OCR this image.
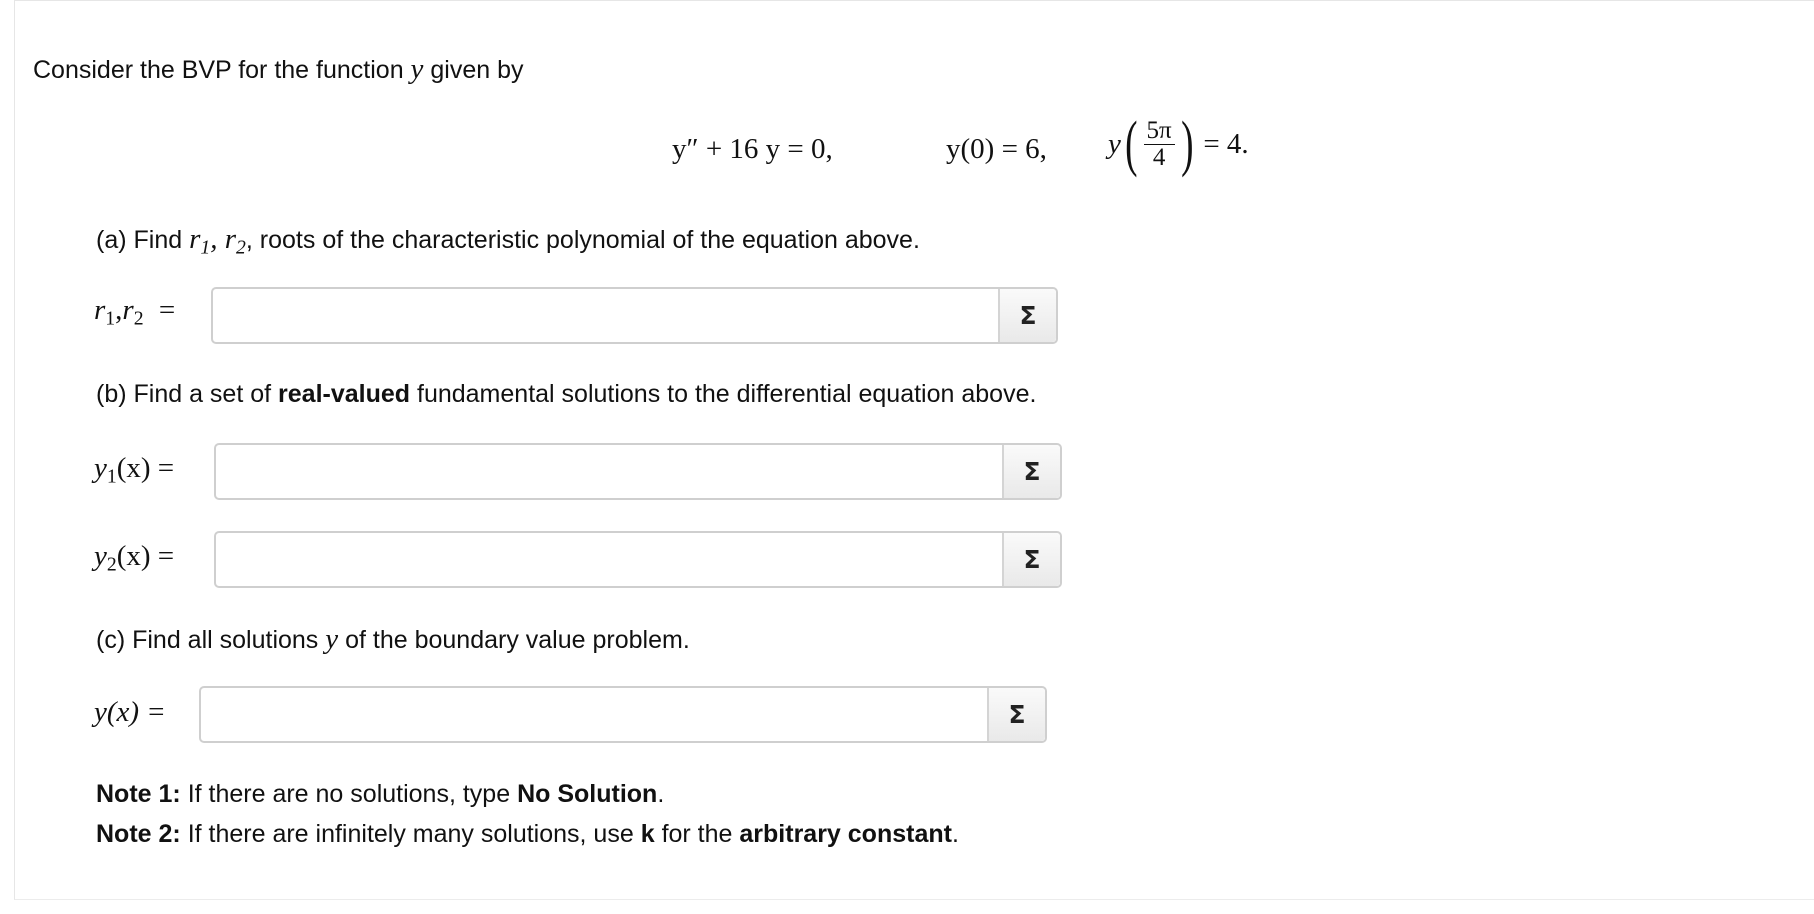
Consider the BVP for the function y given by
y″ + 16 y = 0,	y(0) = 6, y ( $\frac{5\pi}{4}$ ) = 4.
(a) Find $r_1$, $r_2$, roots of the characteristic polynomial of the equation above.
$r_1,r_2$ =	Σ
(b) Find a set of real-valued fundamental solutions to the differential equation above.
$y_1(x)$ =	Σ
$y_2(x)$ =	Σ
(c) Find all solutions y of the boundary value problem.
y(x) =	Σ
Note 1: If there are no solutions, type No Solution.
Note 2: If there are infinitely many solutions, use k for the arbitrary constant.
